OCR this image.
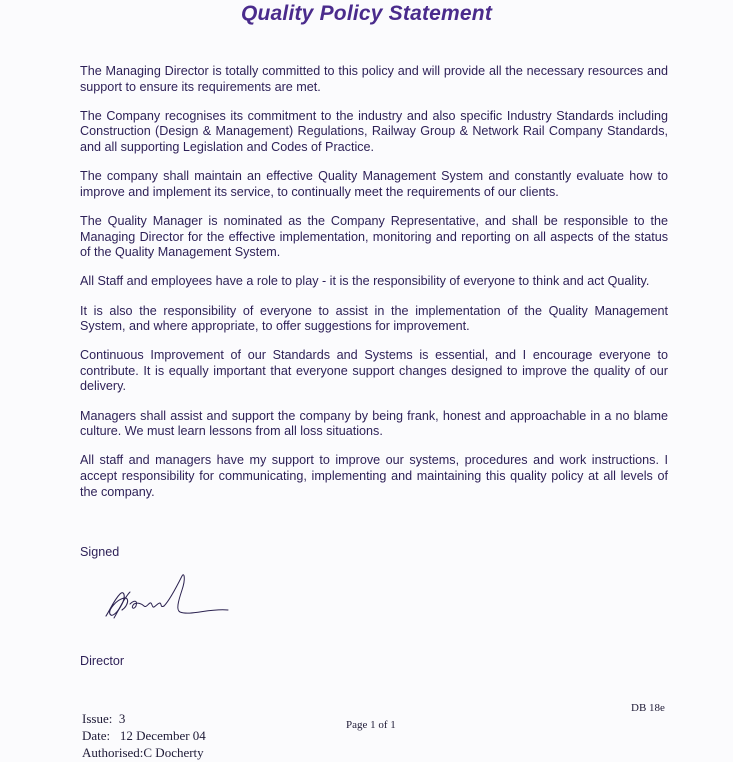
Quality Policy Statement

The Managing Director is totally committed to this policy and will provide all the necessary resources and support to ensure its requirements are met.

The Company recognises its commitment to the industry and also specific Industry Standards including Construction (Design & Management) Regulations, Railway Group & Network Rail Company Standards, and all supporting Legislation and Codes of Practice.

The company shall maintain an effective Quality Management System and constantly evaluate how to improve and implement its service, to continually meet the requirements of our clients.

The Quality Manager is nominated as the Company Representative, and shall be responsible to the Managing Director for the effective implementation, monitoring and reporting on all aspects of the status of the Quality Management System.

All Staff and employees have a role to play - it is the responsibility of everyone to think and act Quality.

It is also the responsibility of everyone to assist in the implementation of the Quality Management System, and where appropriate, to offer suggestions for improvement.

Continuous Improvement of our Standards and Systems is essential, and I encourage everyone to contribute. It is equally important that everyone support changes designed to improve the quality of our delivery.

Managers shall assist and support the company by being frank, honest and approachable in a no blame culture. We must learn lessons from all loss situations.

All staff and managers have my support to improve our systems, procedures and work instructions. I accept responsibility for communicating, implementing and maintaining this quality policy at all levels of the company.

Signed
Director
Issue:  3
Date:   12 December 04
Authorised:C Docherty
Page 1 of 1
DB 18e
